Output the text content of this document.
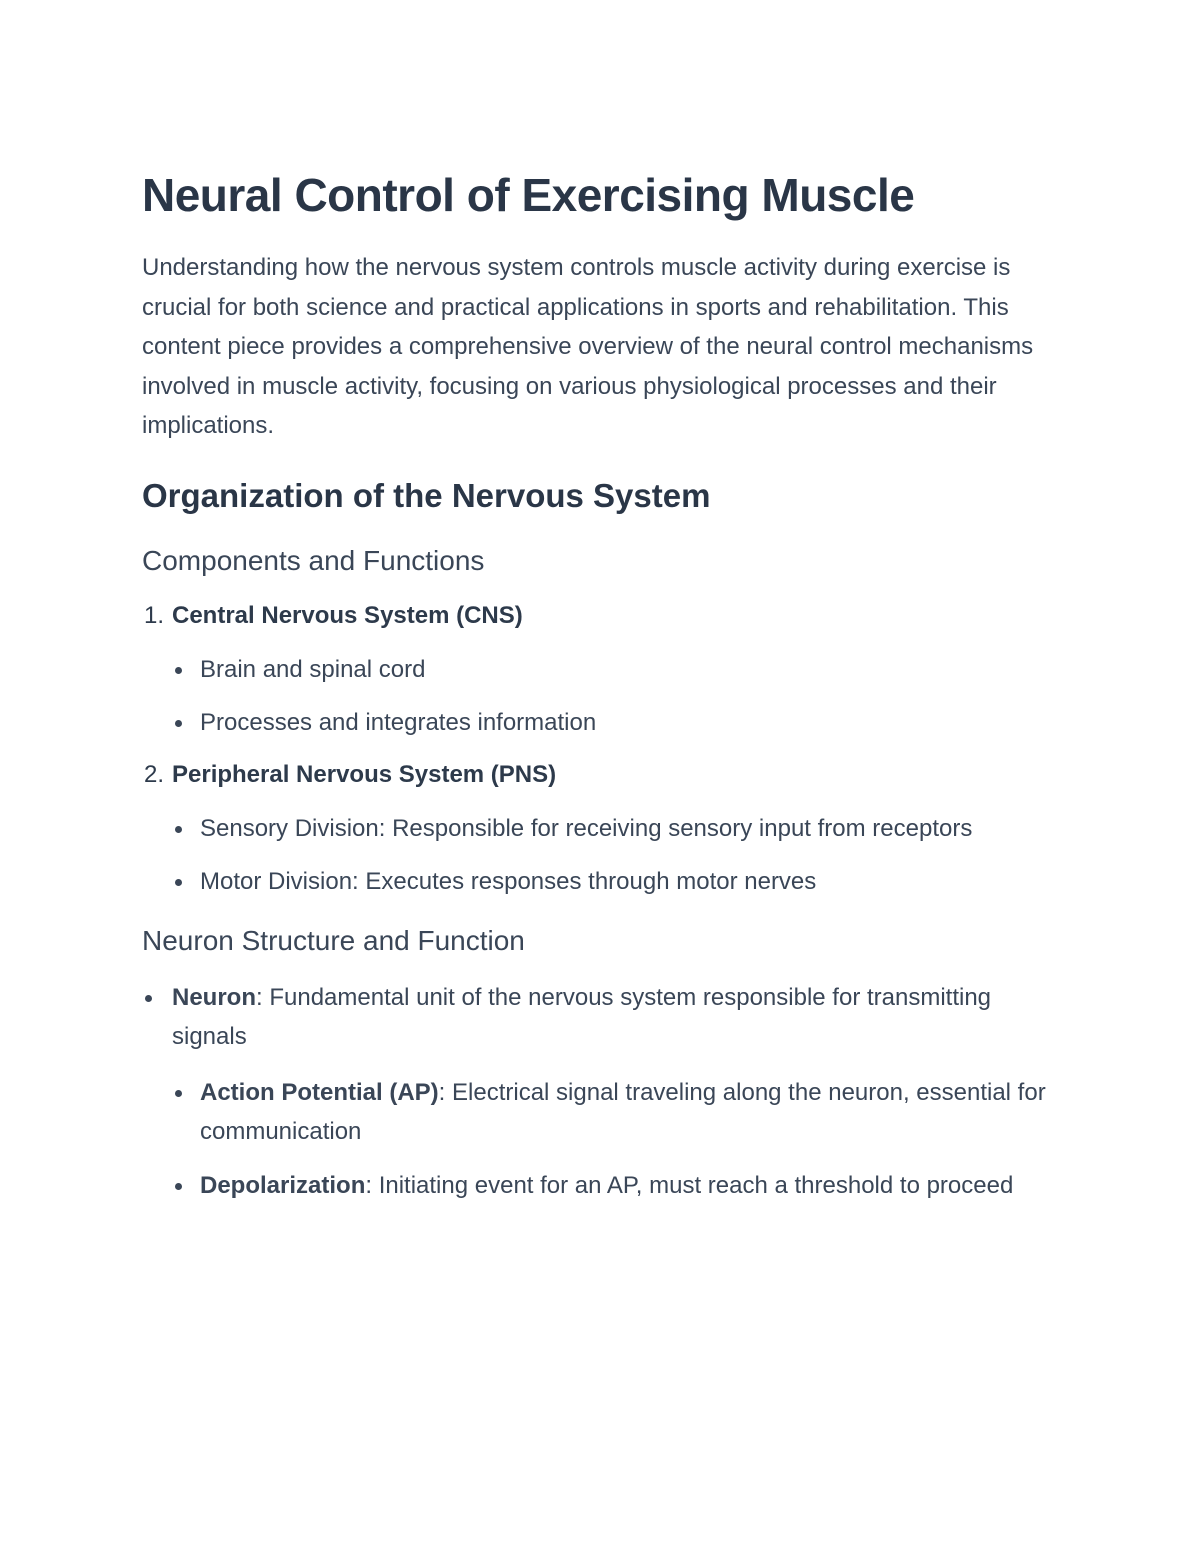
Neural Control of Exercising Muscle

Understanding how the nervous system controls muscle activity during exercise is crucial for both science and practical applications in sports and rehabilitation. This content piece provides a comprehensive overview of the neural control mechanisms involved in muscle activity, focusing on various physiological processes and their implications.

Organization of the Nervous System
Components and Functions
1. Central Nervous System (CNS)
Brain and spinal cord
Processes and integrates information
2. Peripheral Nervous System (PNS)
Sensory Division: Responsible for receiving sensory input from receptors
Motor Division: Executes responses through motor nerves
Neuron Structure and Function
Neuron: Fundamental unit of the nervous system responsible for transmitting signals
Action Potential (AP): Electrical signal traveling along the neuron, essential for communication
Depolarization: Initiating event for an AP, must reach a threshold to proceed
